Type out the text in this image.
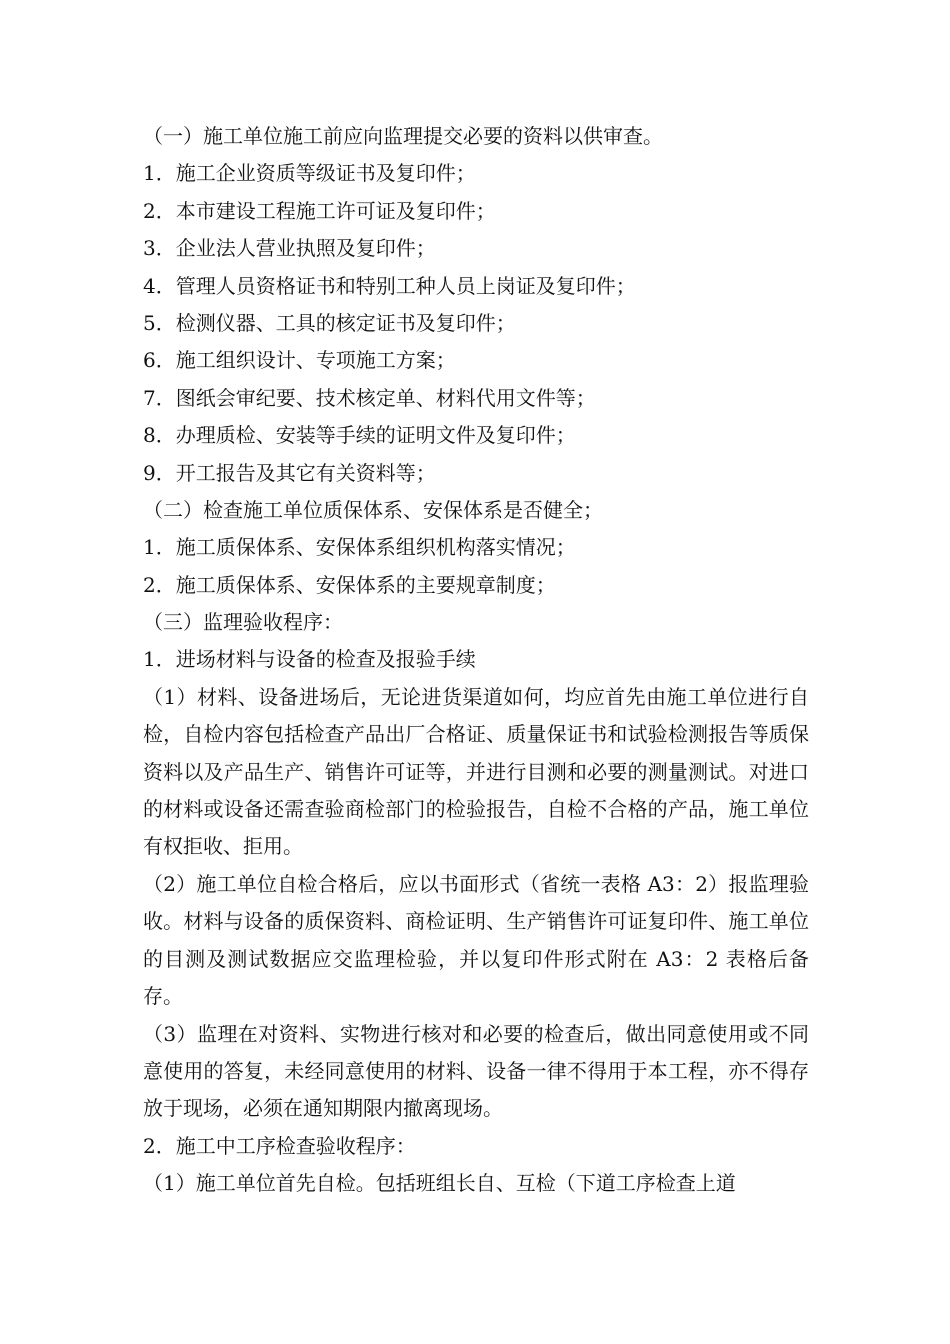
（一）施工单位施工前应向监理提交必要的资料以供审查。
1．施工企业资质等级证书及复印件；
2．本市建设工程施工许可证及复印件；
3．企业法人营业执照及复印件；
4．管理人员资格证书和特别工种人员上岗证及复印件；
5．检测仪器、工具的核定证书及复印件；
6．施工组织设计、专项施工方案；
7．图纸会审纪要、技术核定单、材料代用文件等；
8．办理质检、安装等手续的证明文件及复印件；
9．开工报告及其它有关资料等；
（二）检查施工单位质保体系、安保体系是否健全；
1．施工质保体系、安保体系组织机构落实情况；
2．施工质保体系、安保体系的主要规章制度；
（三）监理验收程序：
1．进场材料与设备的检查及报验手续
（1）材料、设备进场后，无论进货渠道如何，均应首先由施工单位进行自检，自检内容包括检查产品出厂合格证、质量保证书和试验检测报告等质保资料以及产品生产、销售许可证等，并进行目测和必要的测量测试。对进口的材料或设备还需查验商检部门的检验报告，自检不合格的产品，施工单位有权拒收、拒用。
（2）施工单位自检合格后，应以书面形式（省统一表格 A3：2）报监理验收。材料与设备的质保资料、商检证明、生产销售许可证复印件、施工单位的目测及测试数据应交监理检验，并以复印件形式附在 A3：2 表格后备存。
（3）监理在对资料、实物进行核对和必要的检查后，做出同意使用或不同意使用的答复，未经同意使用的材料、设备一律不得用于本工程，亦不得存放于现场，必须在通知期限内撤离现场。
2．施工中工序检查验收程序：
（1）施工单位首先自检。包括班组长自、互检（下道工序检查上道
